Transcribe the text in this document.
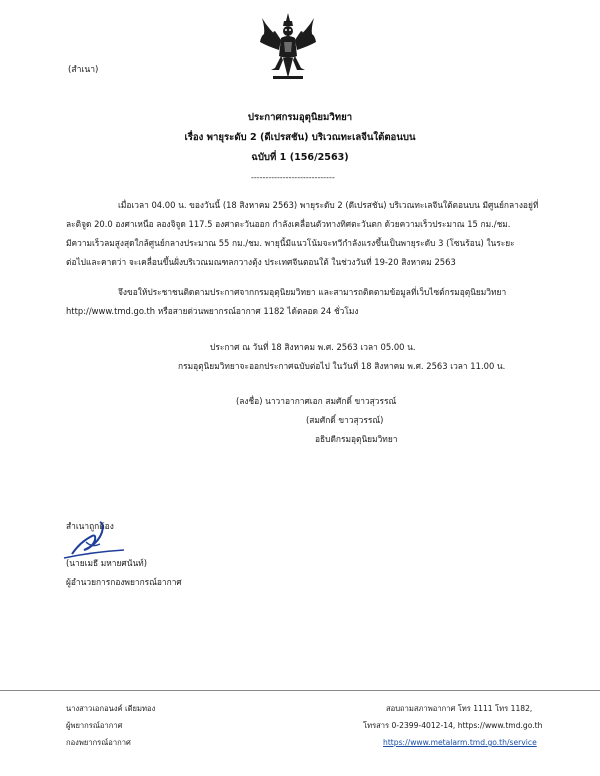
(สำเนา)
ประกาศกรมอุตุนิยมวิทยา
เรื่อง พายุระดับ 2 (ดีเปรสชัน) บริเวณทะเลจีนใต้ตอนบน
ฉบับที่ 1 (156/2563)
-----------------------------
เมื่อเวลา 04.00 น. ของวันนี้ (18 สิงหาคม 2563) พายุระดับ 2 (ดีเปรสชัน) บริเวณทะเลจีนใต้ตอนบน มีศูนย์กลางอยู่ที่
ละติจูด 20.0 องศาเหนือ ลองจิจูด 117.5 องศาตะวันออก กำลังเคลื่อนตัวทางทิศตะวันตก ด้วยความเร็วประมาณ 15 กม./ชม.
มีความเร็วลมสูงสุดใกล้ศูนย์กลางประมาณ 55 กม./ชม. พายุนี้มีแนวโน้มจะทวีกำลังแรงขึ้นเป็นพายุระดับ 3 (โซนร้อน) ในระยะ
ต่อไปและคาดว่า จะเคลื่อนขึ้นฝั่งบริเวณมณฑลกวางตุ้ง ประเทศจีนตอนใต้ ในช่วงวันที่ 19-20 สิงหาคม 2563
จึงขอให้ประชาชนติดตามประกาศจากกรมอุตุนิยมวิทยา และสามารถติดตามข้อมูลที่เว็บไซต์กรมอุตุนิยมวิทยา
http://www.tmd.go.th หรือสายด่วนพยากรณ์อากาศ 1182 ได้ตลอด 24 ชั่วโมง
ประกาศ ณ วันที่ 18 สิงหาคม พ.ศ. 2563 เวลา 05.00 น.
กรมอุตุนิยมวิทยาจะออกประกาศฉบับต่อไป ในวันที่ 18 สิงหาคม พ.ศ. 2563 เวลา 11.00 น.
(ลงชื่อ) นาวาอากาศเอก สมศักดิ์ ขาวสุวรรณ์
(สมศักดิ์ ขาวสุวรรณ์)
อธิบดีกรมอุตุนิยมวิทยา
สำเนาถูกต้อง
(นายเมธี มหายศนันท์)
ผู้อำนวยการกองพยากรณ์อากาศ
นางสาวเอกอนงค์ เดียมทอง
ผู้พยากรณ์อากาศ
กองพยากรณ์อากาศ
สอบถามสภาพอากาศ โทร 1111 โทร 1182,
โทรสาร 0-2399-4012-14, https://www.tmd.go.th
https://www.metalarm.tmd.go.th/service
